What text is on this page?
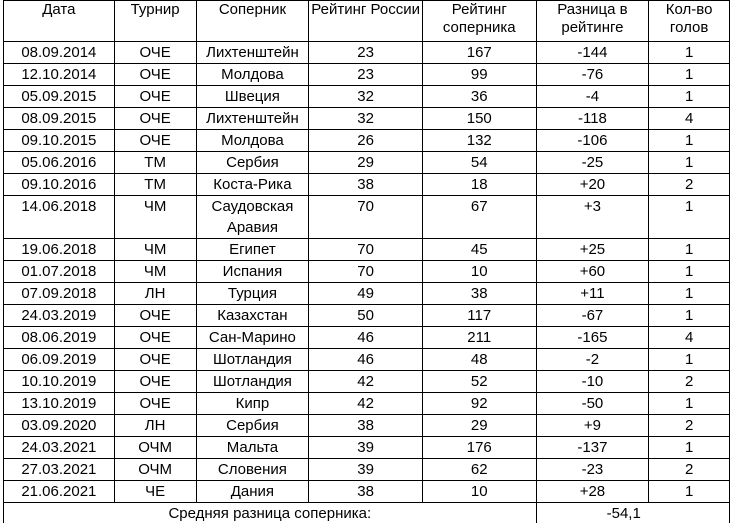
Дата	Турнир	Соперник	Рейтинг России	Рейтинг соперника	Разница в рейтинге	Кол-во голов
08.09.2014	ОЧЕ	Лихтенштейн	23	167	-144	1
12.10.2014	ОЧЕ	Молдова	23	99	-76	1
05.09.2015	ОЧЕ	Швеция	32	36	-4	1
08.09.2015	ОЧЕ	Лихтенштейн	32	150	-118	4
09.10.2015	ОЧЕ	Молдова	26	132	-106	1
05.06.2016	ТМ	Сербия	29	54	-25	1
09.10.2016	ТМ	Коста-Рика	38	18	+20	2
14.06.2018	ЧМ	Саудовская Аравия	70	67	+3	1
19.06.2018	ЧМ	Египет	70	45	+25	1
01.07.2018	ЧМ	Испания	70	10	+60	1
07.09.2018	ЛН	Турция	49	38	+11	1
24.03.2019	ОЧЕ	Казахстан	50	117	-67	1
08.06.2019	ОЧЕ	Сан-Марино	46	211	-165	4
06.09.2019	ОЧЕ	Шотландия	46	48	-2	1
10.10.2019	ОЧЕ	Шотландия	42	52	-10	2
13.10.2019	ОЧЕ	Кипр	42	92	-50	1
03.09.2020	ЛН	Сербия	38	29	+9	2
24.03.2021	ОЧМ	Мальта	39	176	-137	1
27.03.2021	ОЧМ	Словения	39	62	-23	2
21.06.2021	ЧЕ	Дания	38	10	+28	1
Средняя разница соперника:					-54,1	
